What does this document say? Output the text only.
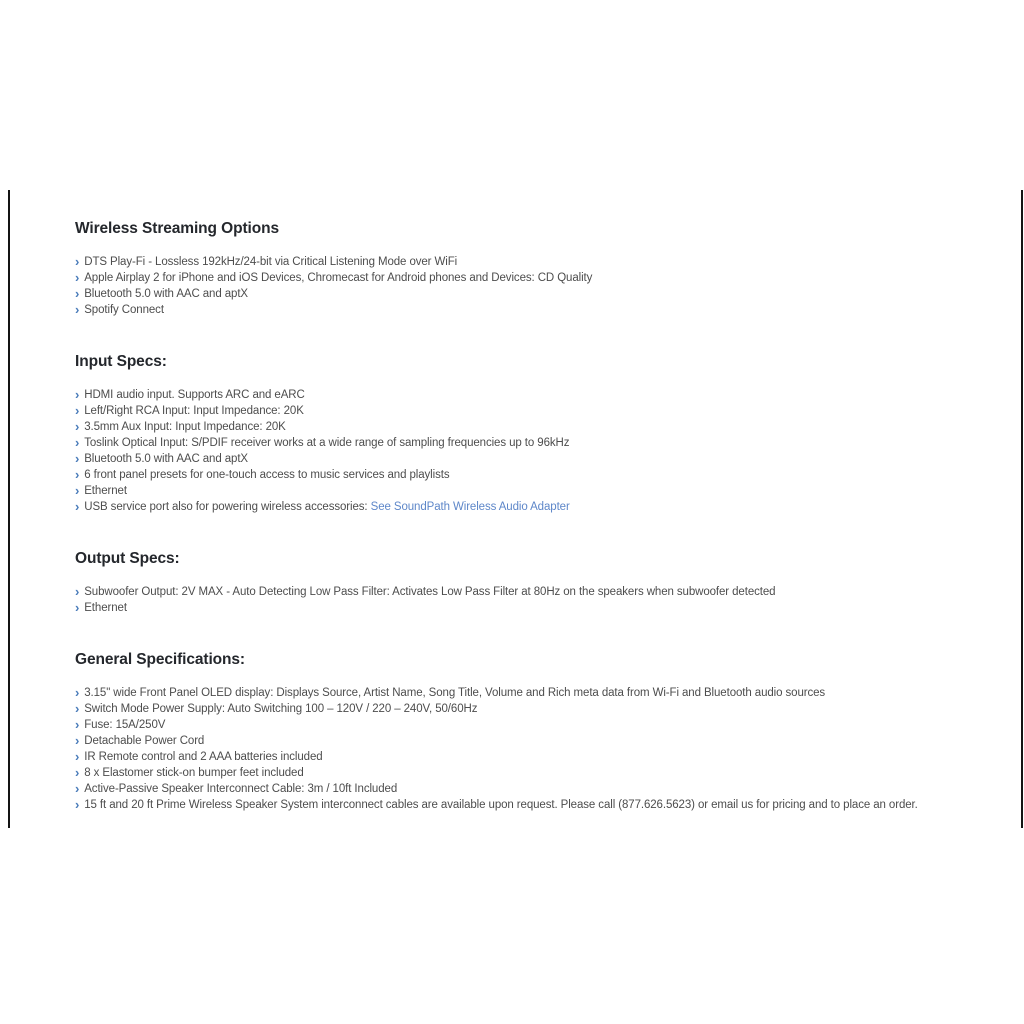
Wireless Streaming Options
› DTS Play-Fi - Lossless 192kHz/24-bit via Critical Listening Mode over WiFi
› Apple Airplay 2 for iPhone and iOS Devices, Chromecast for Android phones and Devices: CD Quality
› Bluetooth 5.0 with AAC and aptX
› Spotify Connect
Input Specs:
› HDMI audio input. Supports ARC and eARC
› Left/Right RCA Input: Input Impedance: 20K
› 3.5mm Aux Input: Input Impedance: 20K
› Toslink Optical Input: S/PDIF receiver works at a wide range of sampling frequencies up to 96kHz
› Bluetooth 5.0 with AAC and aptX
› 6 front panel presets for one-touch access to music services and playlists
› Ethernet
› USB service port also for powering wireless accessories: See SoundPath Wireless Audio Adapter
Output Specs:
› Subwoofer Output: 2V MAX - Auto Detecting Low Pass Filter: Activates Low Pass Filter at 80Hz on the speakers when subwoofer detected
› Ethernet
General Specifications:
› 3.15" wide Front Panel OLED display: Displays Source, Artist Name, Song Title, Volume and Rich meta data from Wi-Fi and Bluetooth audio sources
› Switch Mode Power Supply: Auto Switching 100 – 120V / 220 – 240V, 50/60Hz
› Fuse: 15A/250V
› Detachable Power Cord
› IR Remote control and 2 AAA batteries included
› 8 x Elastomer stick-on bumper feet included
› Active-Passive Speaker Interconnect Cable: 3m / 10ft Included
› 15 ft and 20 ft Prime Wireless Speaker System interconnect cables are available upon request. Please call (877.626.5623) or email us for pricing and to place an order.
